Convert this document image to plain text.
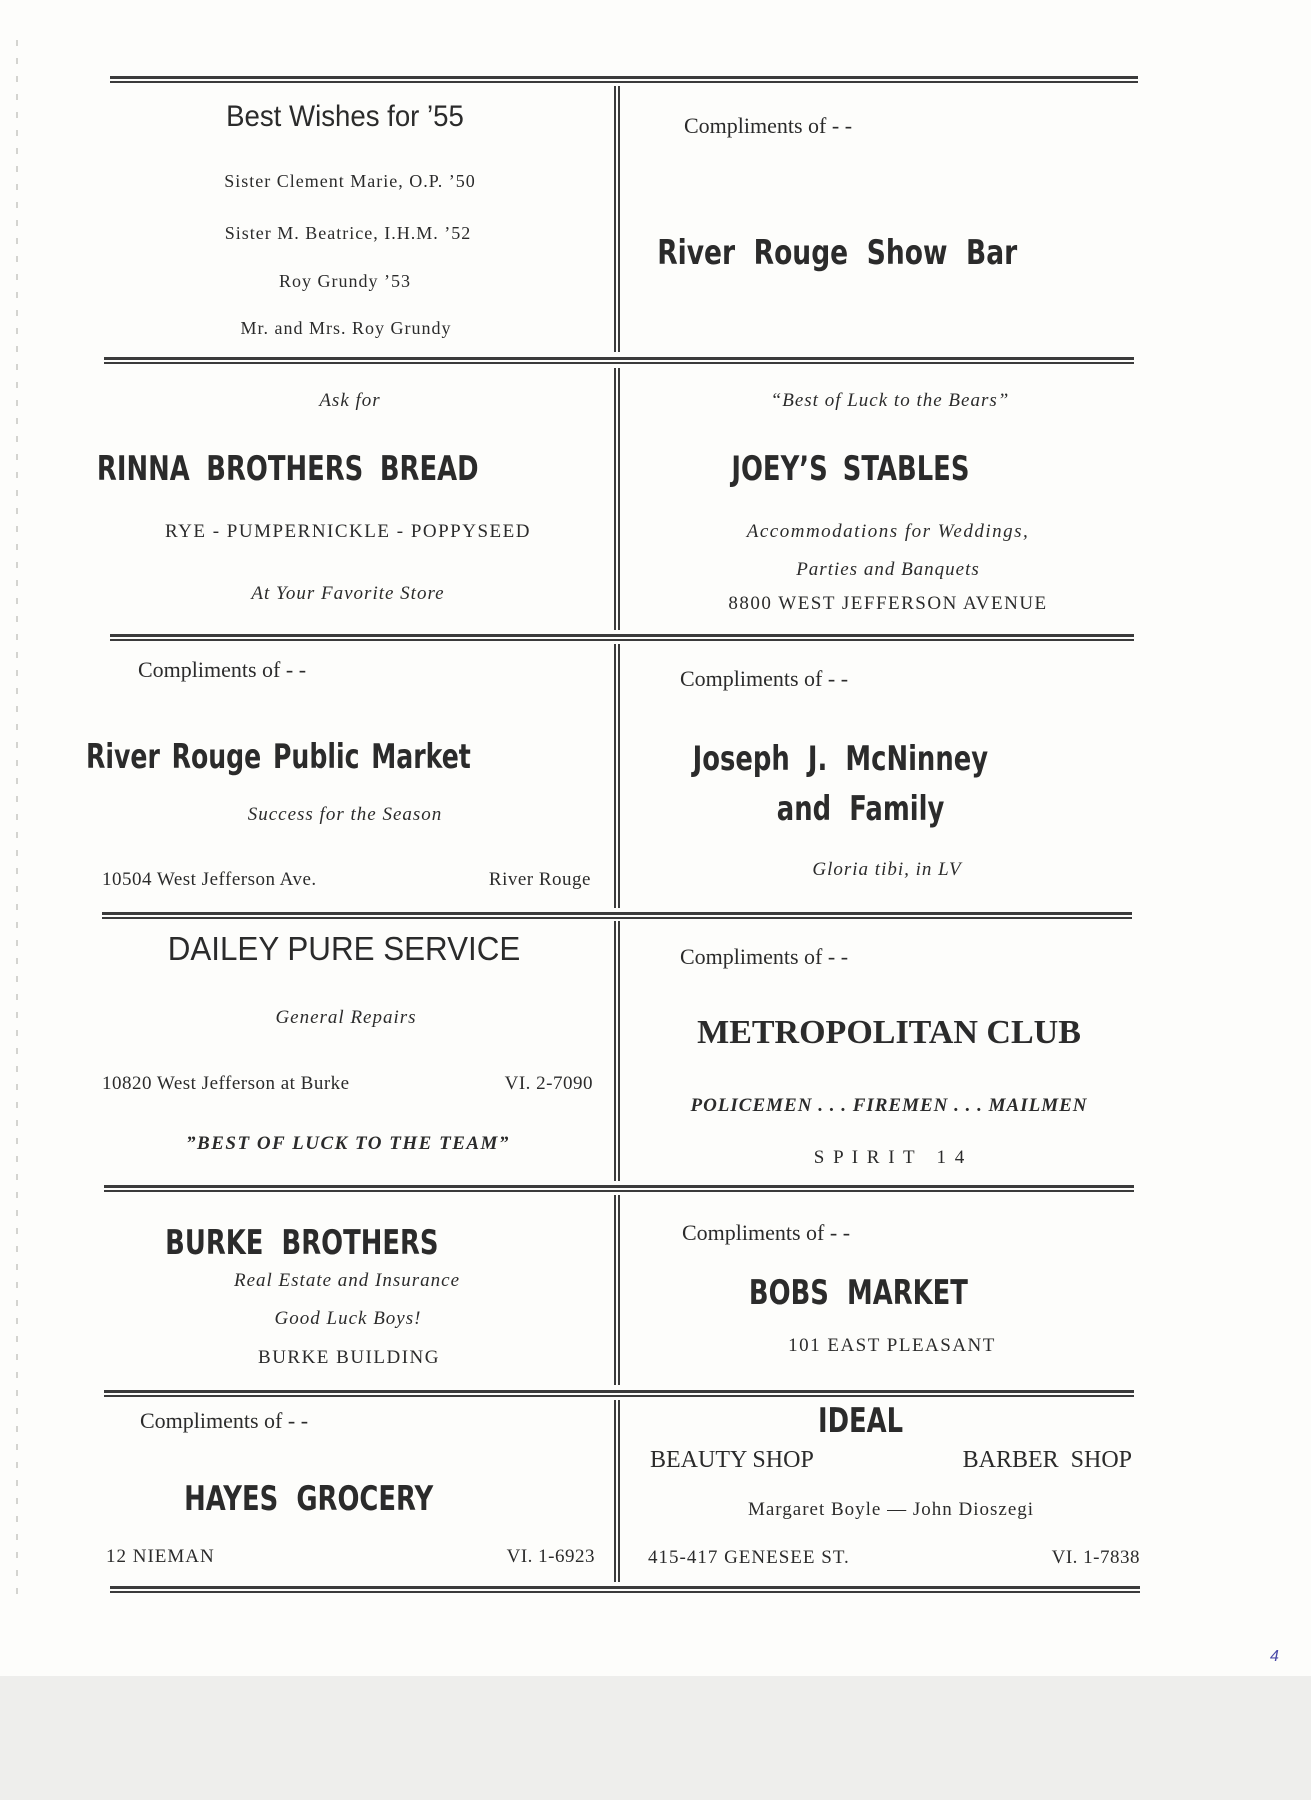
Best Wishes for ’55
Sister Clement Marie, O.P. ’50
Sister M. Beatrice, I.H.M. ’52
Roy Grundy ’53
Mr. and Mrs. Roy Grundy
Compliments of - -
River Rouge Show Bar
Ask for
RINNA BROTHERS BREAD
RYE - PUMPERNICKLE - POPPYSEED
At Your Favorite Store
“Best of Luck to the Bears”
JOEY’S STABLES
Accommodations for Weddings,
Parties and Banquets
8800 WEST JEFFERSON AVENUE
Compliments of - -
River Rouge Public Market
Success for the Season
10504 West Jefferson Ave.	River Rouge
Compliments of - -
Joseph J. McNinney
and Family
Gloria tibi, in LV
DAILEY PURE SERVICE
General Repairs
10820 West Jefferson at Burke	VI. 2-7090
”BEST OF LUCK TO THE TEAM”
Compliments of - -
METROPOLITAN CLUB
POLICEMEN . . . FIREMEN . . . MAILMEN
S P I R I T   1 4
BURKE BROTHERS
Real Estate and Insurance
Good Luck Boys!
BURKE BUILDING
Compliments of - -
BOBS MARKET
101 EAST PLEASANT
Compliments of - -
HAYES GROCERY
12 NIEMAN	VI. 1-6923
IDEAL
BEAUTY SHOP	BARBER SHOP
Margaret Boyle — John Dioszegi
415-417 GENESEE ST.	VI. 1-7838
4
